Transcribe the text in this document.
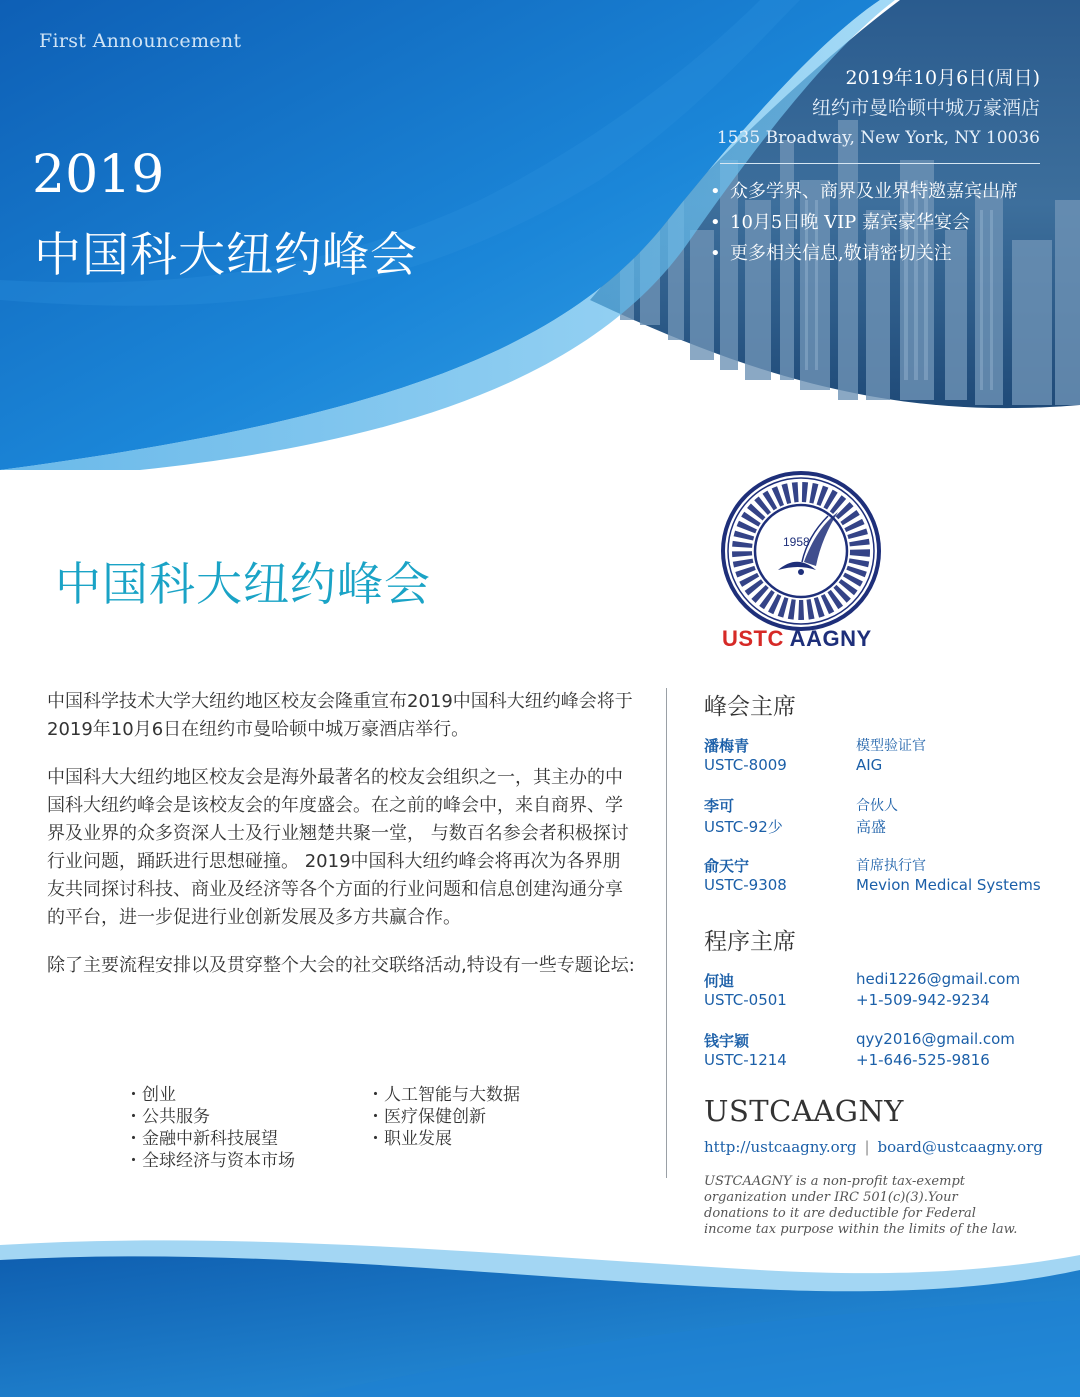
First Announcement
2019
中国科大纽约峰会
2019年10月6日(周日)
纽约市曼哈顿中城万豪酒店
1535 Broadway, New York, NY 10036
• 众多学界、商界及业界特邀嘉宾出席
• 10月5日晚 VIP 嘉宾豪华宴会
• 更多相关信息,敬请密切关注
中国科大纽约峰会
1958
USTC AAGNY

中国科学技术大学大纽约地区校友会隆重宣布2019中国科大纽约峰会将于2019年10月6日在纽约市曼哈顿中城万豪酒店举行。

中国科大大纽约地区校友会是海外最著名的校友会组织之一，其主办的中国科大纽约峰会是该校友会的年度盛会。在之前的峰会中，来自商界、学界及业界的众多资深人士及行业翘楚共聚一堂， 与数百名参会者积极探讨行业问题，踊跃进行思想碰撞。 2019中国科大纽约峰会将再次为各界朋友共同探讨科技、商业及经济等各个方面的行业问题和信息创建沟通分享的平台，进一步促进行业创新发展及多方共赢合作。

除了主要流程安排以及贯穿整个大会的社交联络活动,特设有一些专题论坛:

・创业
・公共服务
・金融中新科技展望
・全球经济与资本市场
・人工智能与大数据
・医疗保健创新
・职业发展
峰会主席
潘梅青
USTC-8009
模型验证官
AIG
李可
USTC-92少
合伙人
高盛
俞天宁
USTC-9308
首席执行官
Mevion Medical Systems
程序主席
何迪
USTC-0501
hedi1226@gmail.com
+1-509-942-9234
钱宇颖
USTC-1214
qyy2016@gmail.com
+1-646-525-9816
USTCAAGNY
http://ustcaagny.org | board@ustcaagny.org
USTCAAGNY is a non-profit tax-exempt organization under IRC 501(c)(3).Your donations to it are deductible for Federal income tax purpose within the limits of the law.
